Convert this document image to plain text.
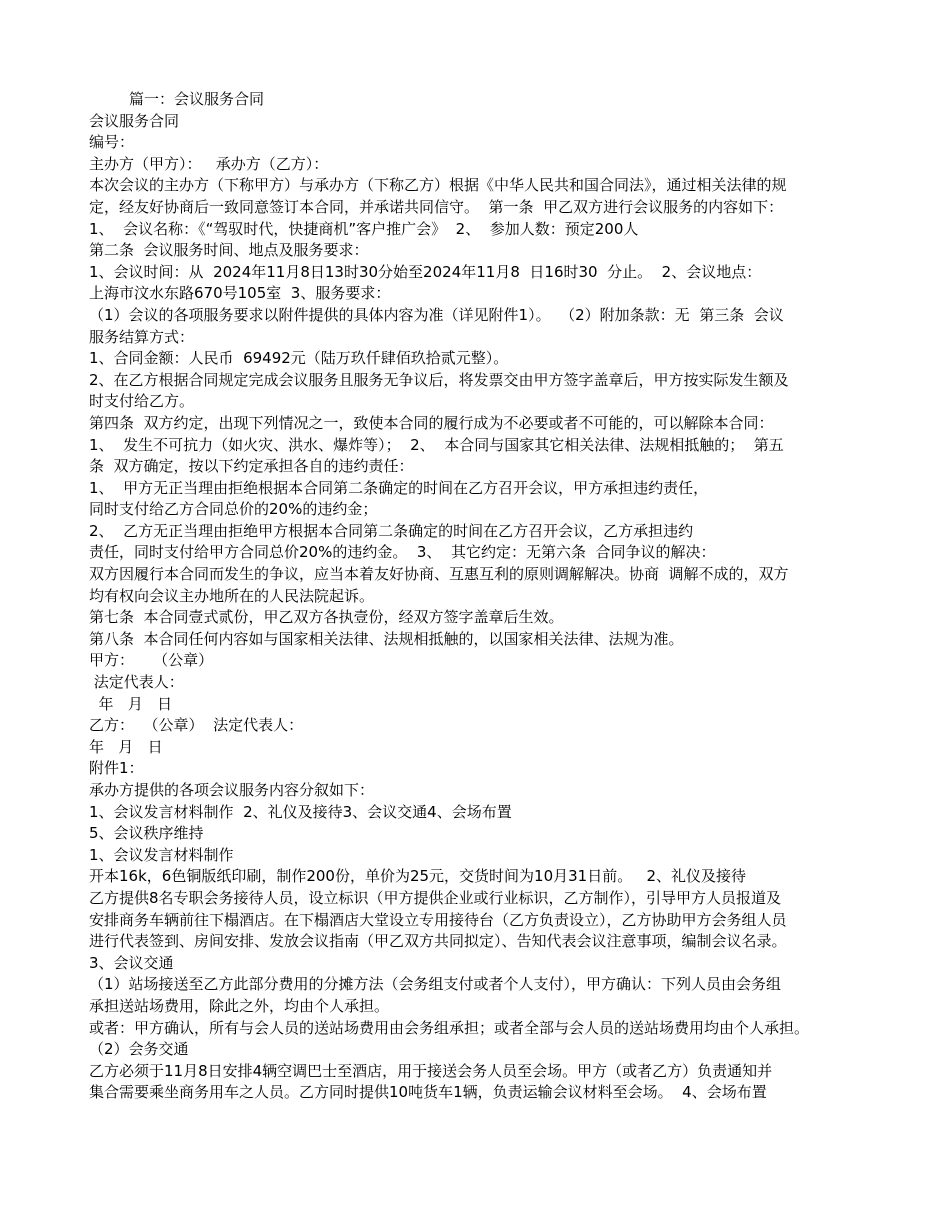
篇一：会议服务合同
会议服务合同
编号：
主办方（甲方）：   承办方（乙方）：
本次会议的主办方（下称甲方）与承办方（下称乙方）根据《中华人民共和国合同法》，通过相关法律的规
定，经友好协商后一致同意签订本合同，并承诺共同信守。  第一条  甲乙双方进行会议服务的内容如下：
1、  会议名称：《“驾驭时代，快捷商机”客户推广会》  2、  参加人数：预定200人
第二条  会议服务时间、地点及服务要求：
1、会议时间：从  2024年11月8日13时30分始至2024年11月8  日16时30  分止。  2、会议地点：
上海市汶水东路670号105室  3、服务要求：
（1）会议的各项服务要求以附件提供的具体内容为准（详见附件1）。  （2）附加条款：无  第三条  会议
服务结算方式：
1、合同金额：人民币  69492元（陆万玖仟肆佰玖拾贰元整）。
2、在乙方根据合同规定完成会议服务且服务无争议后，将发票交由甲方签字盖章后，甲方按实际发生额及
时支付给乙方。
第四条  双方约定，出现下列情况之一，致使本合同的履行成为不必要或者不可能的，可以解除本合同：
1、  发生不可抗力（如火灾、洪水、爆炸等）；  2、  本合同与国家其它相关法律、法规相抵触的；  第五
条  双方确定，按以下约定承担各自的违约责任：
1、  甲方无正当理由拒绝根据本合同第二条确定的时间在乙方召开会议，甲方承担违约责任，
同时支付给乙方合同总价的20%的违约金；
2、  乙方无正当理由拒绝甲方根据本合同第二条确定的时间在乙方召开会议，乙方承担违约
责任，同时支付给甲方合同总价20%的违约金。  3、  其它约定：无第六条  合同争议的解决：
双方因履行本合同而发生的争议，应当本着友好协商、互惠互利的原则调解解决。协商  调解不成的，双方
均有权向会议主办地所在的人民法院起诉。
第七条  本合同壹式贰份，甲乙双方各执壹份，经双方签字盖章后生效。
第八条  本合同任何内容如与国家相关法律、法规相抵触的，以国家相关法律、法规为准。
甲方：    （公章）
法定代表人：
年   月   日
乙方：  （公章）  法定代表人：
年   月   日
附件1：
承办方提供的各项会议服务内容分叙如下：
1、会议发言材料制作  2、礼仪及接待3、会议交通4、会场布置
5、会议秩序维持
1、会议发言材料制作
开本16k，6色铜版纸印刷，制作200份，单价为25元，交货时间为10月31日前。   2、礼仪及接待
乙方提供8名专职会务接待人员，设立标识（甲方提供企业或行业标识，乙方制作），引导甲方人员报道及
安排商务车辆前往下榻酒店。在下榻酒店大堂设立专用接待台（乙方负责设立），乙方协助甲方会务组人员
进行代表签到、房间安排、发放会议指南（甲乙双方共同拟定）、告知代表会议注意事项，编制会议名录。
3、会议交通
（1）站场接送至乙方此部分费用的分摊方法（会务组支付或者个人支付），甲方确认：下列人员由会务组
承担送站场费用，除此之外，均由个人承担。
或者：甲方确认，所有与会人员的送站场费用由会务组承担；或者全部与会人员的送站场费用均由个人承担。
（2）会务交通
乙方必须于11月8日安排4辆空调巴士至酒店，用于接送会务人员至会场。甲方（或者乙方）负责通知并
集合需要乘坐商务用车之人员。乙方同时提供10吨货车1辆，负责运输会议材料至会场。  4、会场布置
